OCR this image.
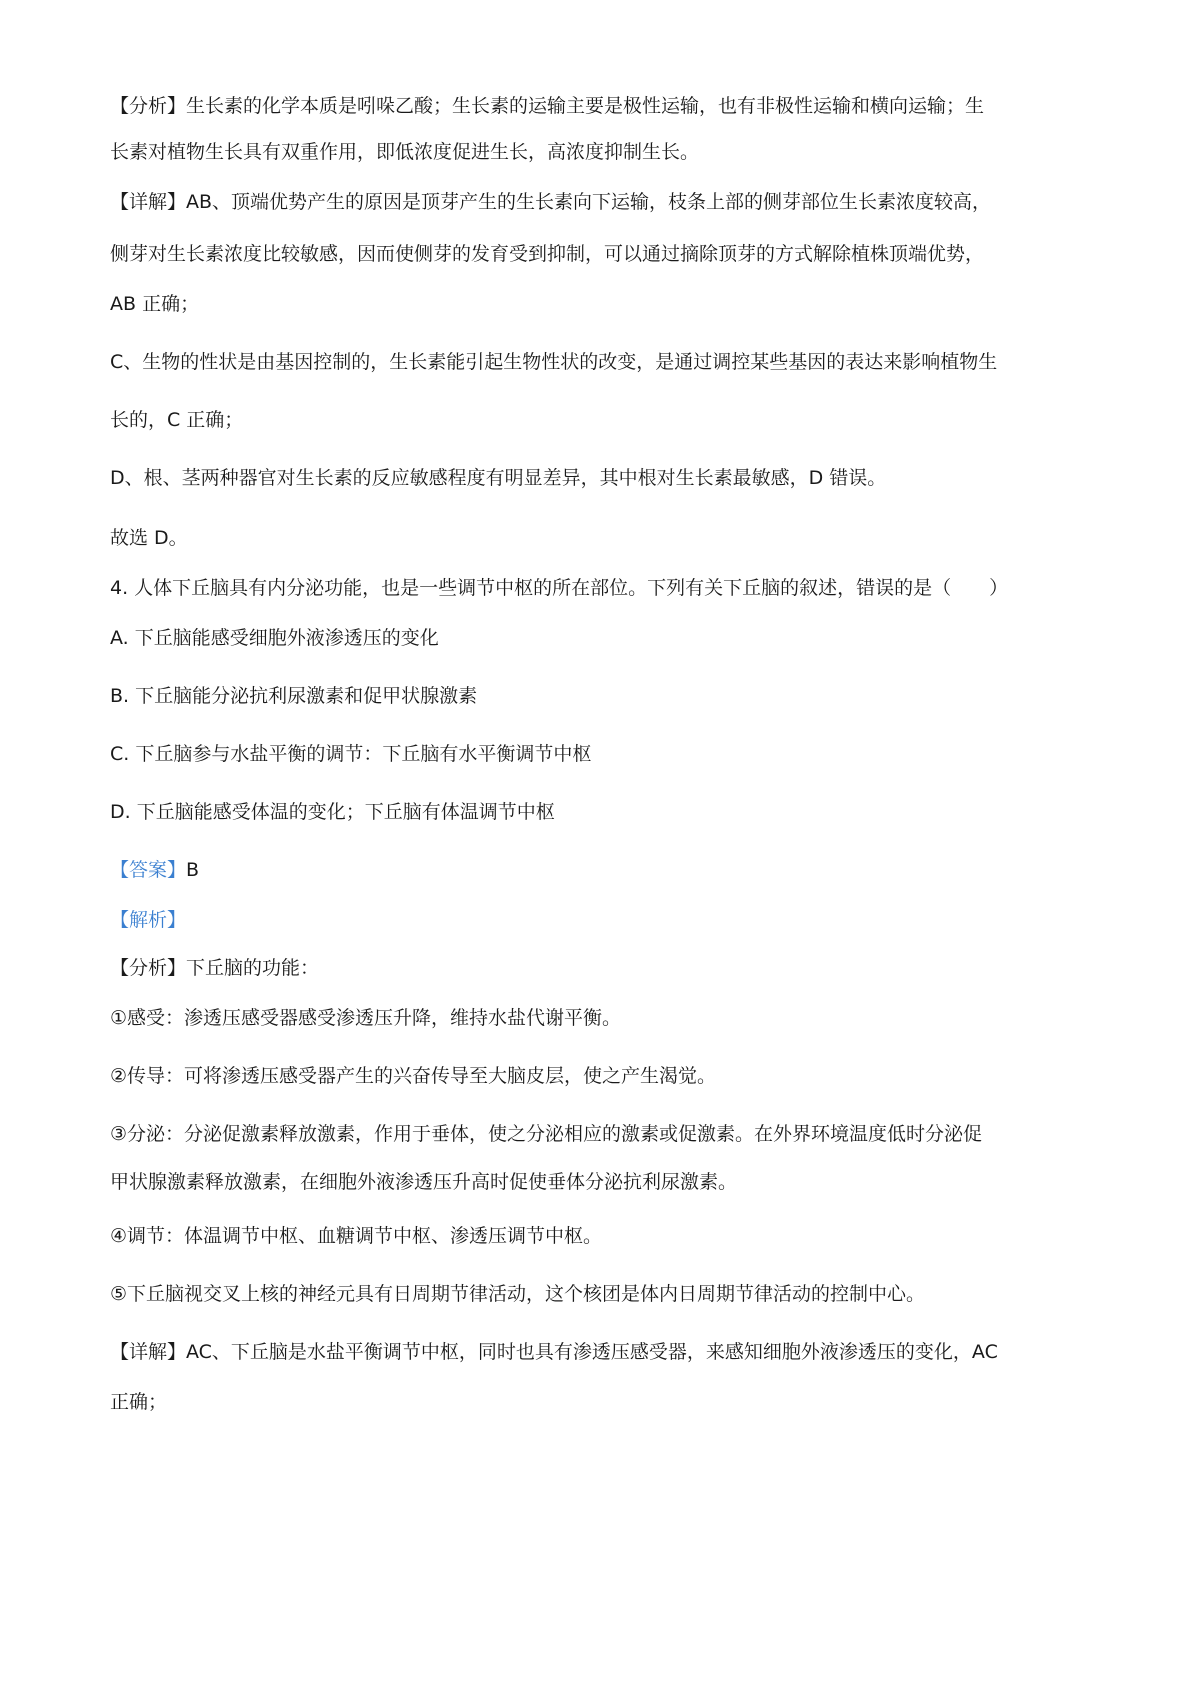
【分析】生长素的化学本质是吲哚乙酸；生长素的运输主要是极性运输，也有非极性运输和横向运输；生
长素对植物生长具有双重作用，即低浓度促进生长，高浓度抑制生长。
【详解】AB、顶端优势产生的原因是顶芽产生的生长素向下运输，枝条上部的侧芽部位生长素浓度较高，
侧芽对生长素浓度比较敏感，因而使侧芽的发育受到抑制，可以通过摘除顶芽的方式解除植株顶端优势，
AB 正确；
C、生物的性状是由基因控制的，生长素能引起生物性状的改变，是通过调控某些基因的表达来影响植物生
长的，C 正确；
D、根、茎两种器官对生长素的反应敏感程度有明显差异，其中根对生长素最敏感，D 错误。
故选 D。
4. 人体下丘脑具有内分泌功能，也是一些调节中枢的所在部位。下列有关下丘脑的叙述，错误的是（　　）
A. 下丘脑能感受细胞外液渗透压的变化
B. 下丘脑能分泌抗利尿激素和促甲状腺激素
C. 下丘脑参与水盐平衡的调节：下丘脑有水平衡调节中枢
D. 下丘脑能感受体温的变化；下丘脑有体温调节中枢
【答案】B
【解析】
【分析】下丘脑的功能：
①感受：渗透压感受器感受渗透压升降，维持水盐代谢平衡。
②传导：可将渗透压感受器产生的兴奋传导至大脑皮层，使之产生渴觉。
③分泌：分泌促激素释放激素，作用于垂体，使之分泌相应的激素或促激素。在外界环境温度低时分泌促
甲状腺激素释放激素，在细胞外液渗透压升高时促使垂体分泌抗利尿激素。
④调节：体温调节中枢、血糖调节中枢、渗透压调节中枢。
⑤下丘脑视交叉上核的神经元具有日周期节律活动，这个核团是体内日周期节律活动的控制中心。
【详解】AC、下丘脑是水盐平衡调节中枢，同时也具有渗透压感受器，来感知细胞外液渗透压的变化，AC
正确；
